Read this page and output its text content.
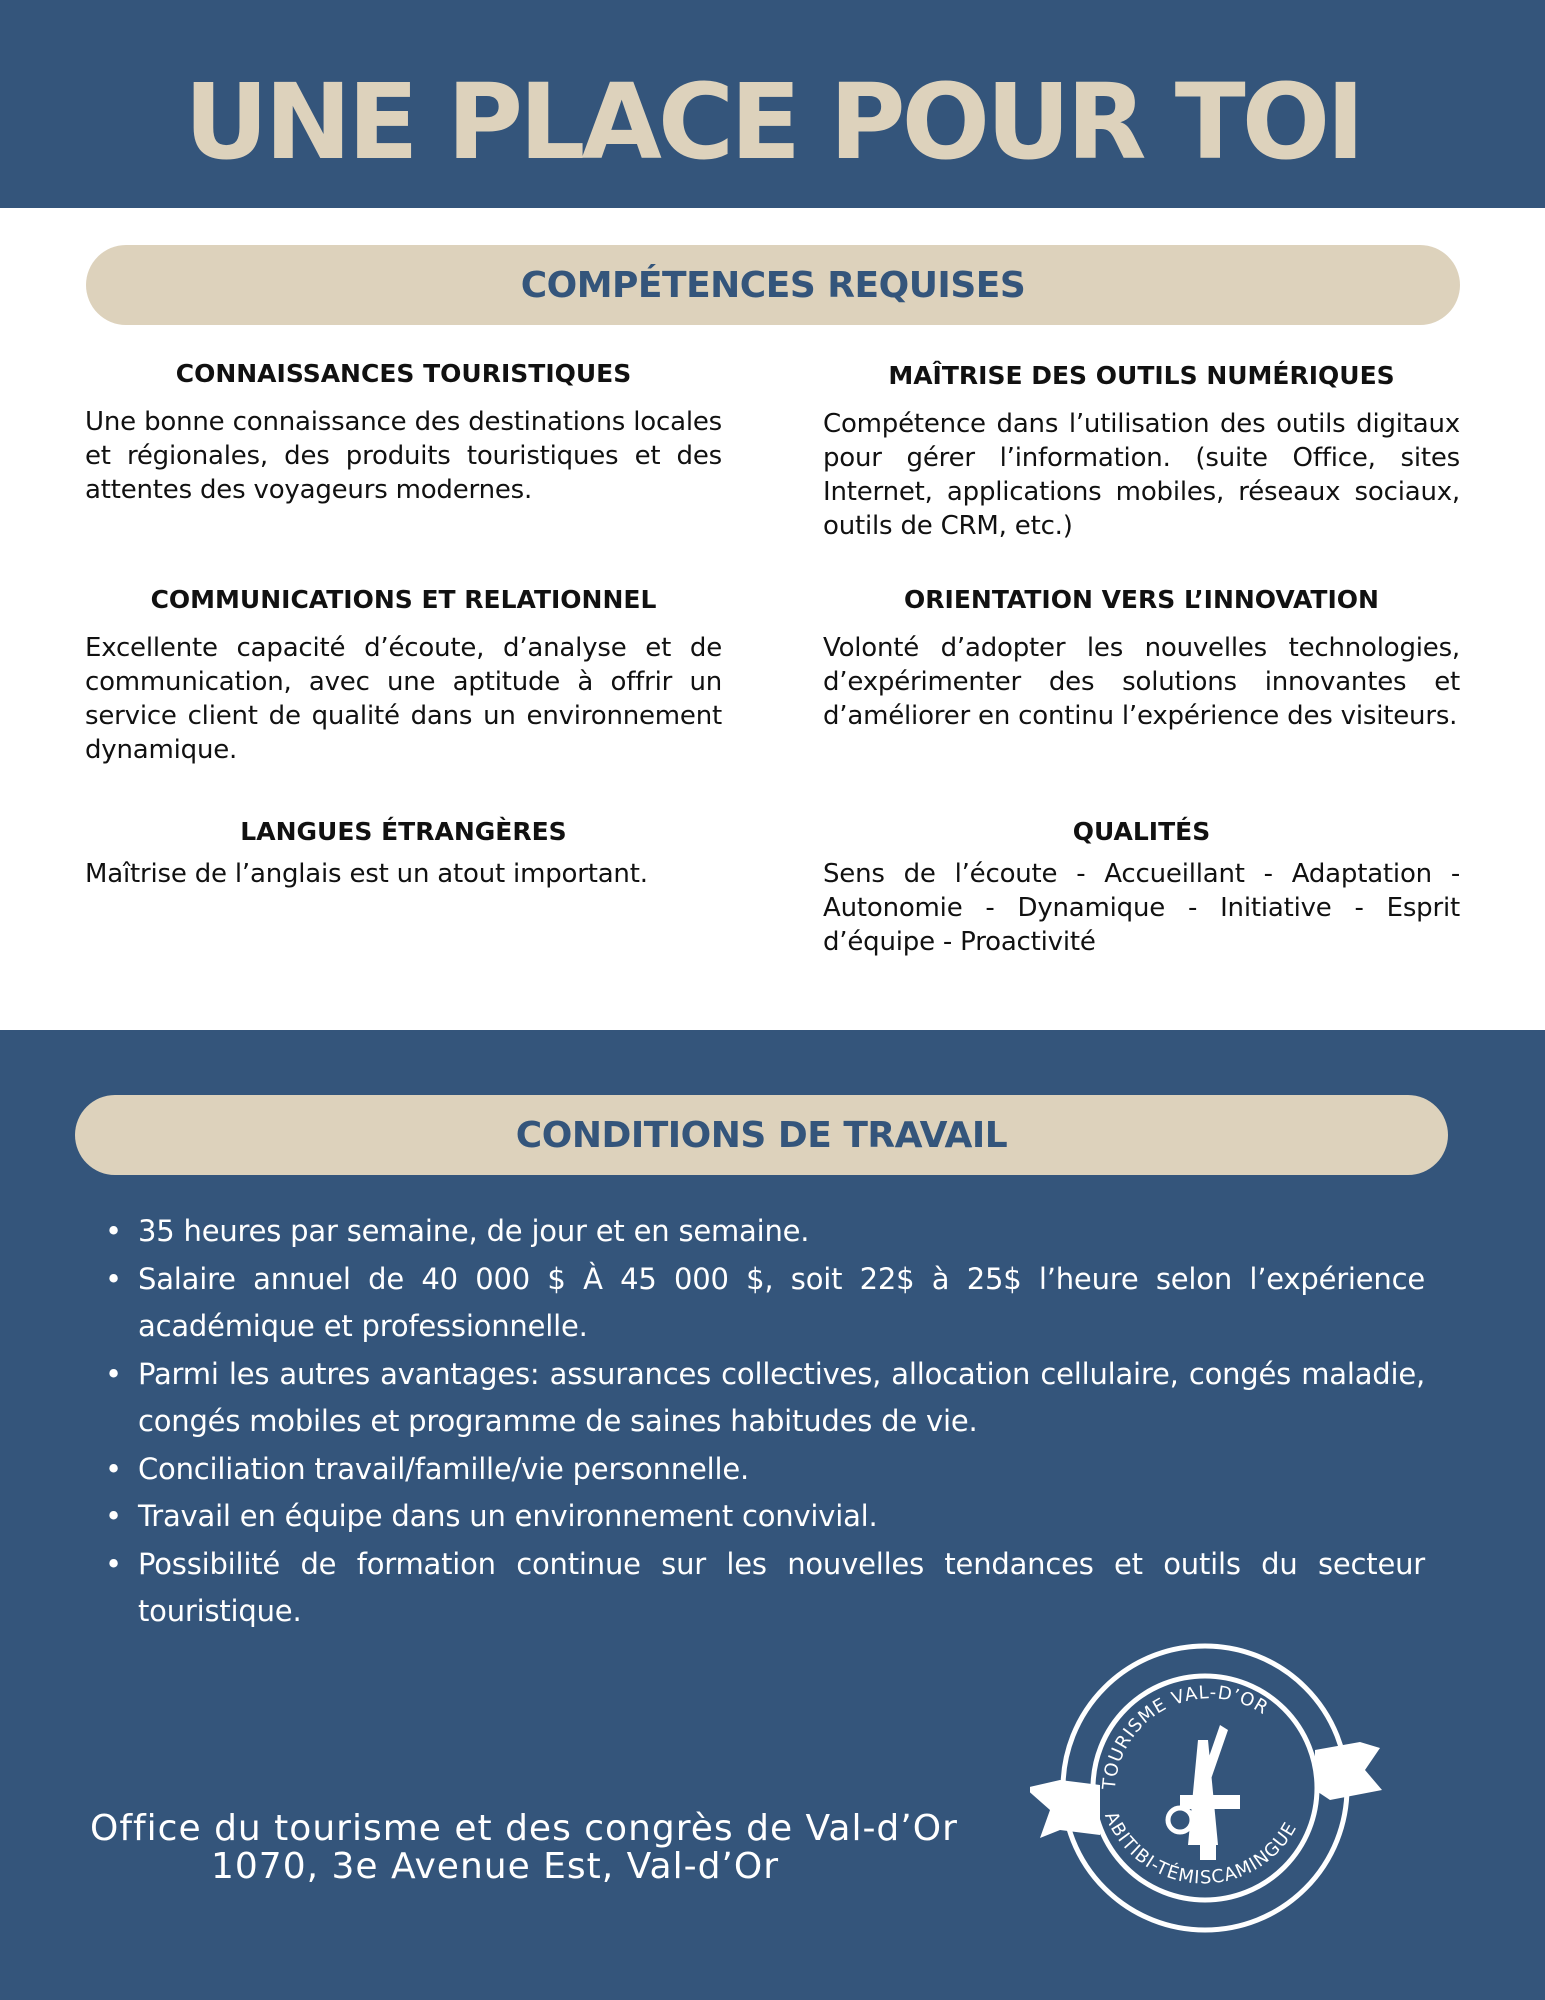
UNE PLACE POUR TOI
COMPÉTENCES REQUISES
CONNAISSANCES TOURISTIQUES

Une bonne connaissance des destinations locales et régionales, des produits touristiques et des attentes des voyageurs modernes.

MAÎTRISE DES OUTILS NUMÉRIQUES

Compétence dans l’utilisation des outils digitaux pour gérer l’information. (suite Office, sites Internet, applications mobiles, réseaux sociaux, outils de CRM, etc.)

COMMUNICATIONS ET RELATIONNEL

Excellente capacité d’écoute, d’analyse et de communication, avec une aptitude à offrir un service client de qualité dans un environnement dynamique.

ORIENTATION VERS L’INNOVATION

Volonté d’adopter les nouvelles technologies, d’expérimenter des solutions innovantes et d’améliorer en continu l’expérience des visiteurs.

LANGUES ÉTRANGÈRES

Maîtrise de l’anglais est un atout important.

QUALITÉS

Sens de l’écoute - Accueillant - Adaptation - Autonomie - Dynamique - Initiative - Esprit d’équipe - Proactivité

CONDITIONS DE TRAVAIL
• 35 heures par semaine, de jour et en semaine.
• Salaire annuel de 40 000 $ À 45 000 $, soit 22$ à 25$ l’heure selon l’expérience académique et professionnelle.
• Parmi les autres avantages: assurances collectives, allocation cellulaire, congés maladie, congés mobiles et programme de saines habitudes de vie.
• Conciliation travail/famille/vie personnelle.
• Travail en équipe dans un environnement convivial.
• Possibilité de formation continue sur les nouvelles tendances et outils du secteur touristique.
Office du tourisme et des congrès de Val-d’Or
1070, 3e Avenue Est, Val-d’Or
TOURISME VAL-D’OR
ABITIBI-TÉMISCAMINGUE
